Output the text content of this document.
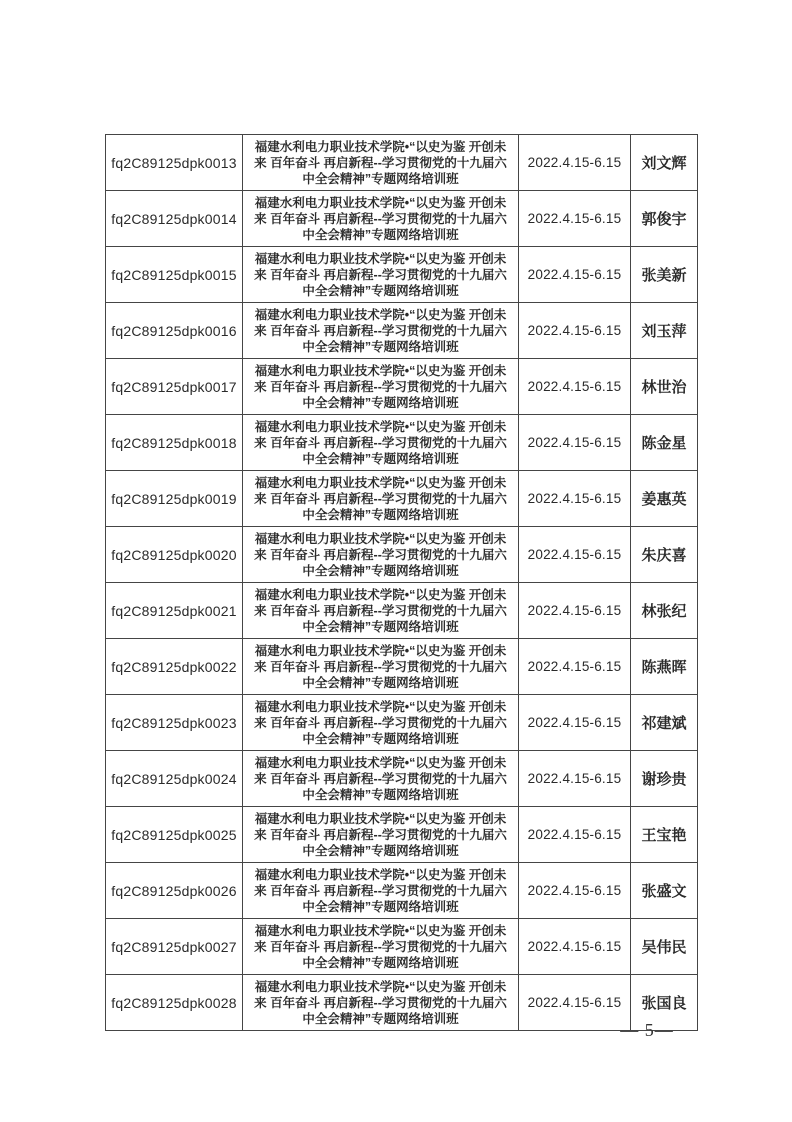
fq2C89125dpk0013	福建水利电力职业技术学院•“以史为鉴 开创未来 百年奋斗 再启新程--学习贯彻党的十九届六中全会精神”专题网络培训班	2022.4.15-6.15	刘文辉
fq2C89125dpk0014	福建水利电力职业技术学院•“以史为鉴 开创未来 百年奋斗 再启新程--学习贯彻党的十九届六中全会精神”专题网络培训班	2022.4.15-6.15	郭俊宇
fq2C89125dpk0015	福建水利电力职业技术学院•“以史为鉴 开创未来 百年奋斗 再启新程--学习贯彻党的十九届六中全会精神”专题网络培训班	2022.4.15-6.15	张美新
fq2C89125dpk0016	福建水利电力职业技术学院•“以史为鉴 开创未来 百年奋斗 再启新程--学习贯彻党的十九届六中全会精神”专题网络培训班	2022.4.15-6.15	刘玉萍
fq2C89125dpk0017	福建水利电力职业技术学院•“以史为鉴 开创未来 百年奋斗 再启新程--学习贯彻党的十九届六中全会精神”专题网络培训班	2022.4.15-6.15	林世治
fq2C89125dpk0018	福建水利电力职业技术学院•“以史为鉴 开创未来 百年奋斗 再启新程--学习贯彻党的十九届六中全会精神”专题网络培训班	2022.4.15-6.15	陈金星
fq2C89125dpk0019	福建水利电力职业技术学院•“以史为鉴 开创未来 百年奋斗 再启新程--学习贯彻党的十九届六中全会精神”专题网络培训班	2022.4.15-6.15	姜惠英
fq2C89125dpk0020	福建水利电力职业技术学院•“以史为鉴 开创未来 百年奋斗 再启新程--学习贯彻党的十九届六中全会精神”专题网络培训班	2022.4.15-6.15	朱庆喜
fq2C89125dpk0021	福建水利电力职业技术学院•“以史为鉴 开创未来 百年奋斗 再启新程--学习贯彻党的十九届六中全会精神”专题网络培训班	2022.4.15-6.15	林张纪
fq2C89125dpk0022	福建水利电力职业技术学院•“以史为鉴 开创未来 百年奋斗 再启新程--学习贯彻党的十九届六中全会精神”专题网络培训班	2022.4.15-6.15	陈燕晖
fq2C89125dpk0023	福建水利电力职业技术学院•“以史为鉴 开创未来 百年奋斗 再启新程--学习贯彻党的十九届六中全会精神”专题网络培训班	2022.4.15-6.15	祁建斌
fq2C89125dpk0024	福建水利电力职业技术学院•“以史为鉴 开创未来 百年奋斗 再启新程--学习贯彻党的十九届六中全会精神”专题网络培训班	2022.4.15-6.15	谢珍贵
fq2C89125dpk0025	福建水利电力职业技术学院•“以史为鉴 开创未来 百年奋斗 再启新程--学习贯彻党的十九届六中全会精神”专题网络培训班	2022.4.15-6.15	王宝艳
fq2C89125dpk0026	福建水利电力职业技术学院•“以史为鉴 开创未来 百年奋斗 再启新程--学习贯彻党的十九届六中全会精神”专题网络培训班	2022.4.15-6.15	张盛文
fq2C89125dpk0027	福建水利电力职业技术学院•“以史为鉴 开创未来 百年奋斗 再启新程--学习贯彻党的十九届六中全会精神”专题网络培训班	2022.4.15-6.15	吴伟民
fq2C89125dpk0028	福建水利电力职业技术学院•“以史为鉴 开创未来 百年奋斗 再启新程--学习贯彻党的十九届六中全会精神”专题网络培训班	2022.4.15-6.15	张国良
— 5—
